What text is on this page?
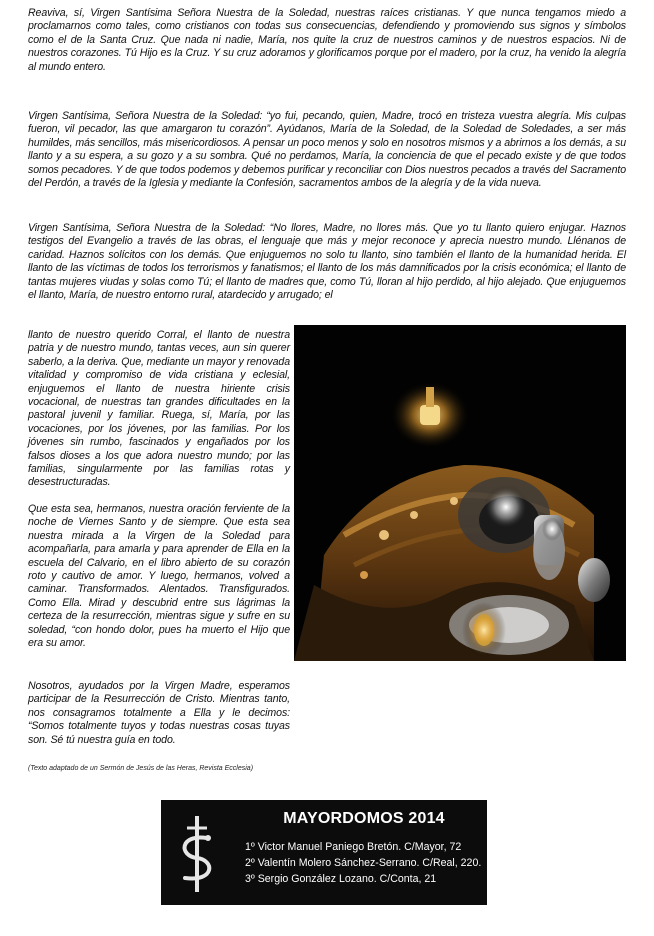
Reaviva, sí, Virgen Santísima Señora Nuestra de la Soledad, nuestras raíces cristianas. Y que nunca tengamos miedo a proclamarnos como tales, como cristianos con todas sus consecuencias, defendiendo y promoviendo sus signos y símbolos como el de la Santa Cruz. Que nada ni nadie, María, nos quite la cruz de nuestros caminos y de nuestros espacios. Ni de nuestros corazones. Tú Hijo es la Cruz. Y su cruz adoramos y glorificamos porque por el madero, por la cruz, ha venido la alegría al mundo entero.

Virgen Santísima, Señora Nuestra de la Soledad: “yo fui, pecando, quien, Madre, trocó en tristeza vuestra alegría. Mis culpas fueron, vil pecador, las que amargaron tu corazón”. Ayúdanos, María de la Soledad, de la Soledad de Soledades, a ser más humildes, más sencillos, más misericordiosos. A pensar un poco menos y solo en nosotros mismos y a abrirnos a los demás, a su llanto y a su espera, a su gozo y a su sombra. Qué no perdamos, María, la conciencia de que el pecado existe y de que todos somos pecadores. Y de que todos podemos y debemos purificar y reconciliar con Dios nuestros pecados a través del Sacramento del Perdón, a través de la Iglesia y mediante la Confesión, sacramentos ambos de la alegría y de la vida nueva.

Virgen Santísima, Señora Nuestra de la Soledad: “No llores, Madre, no llores más. Que yo tu llanto quiero enjugar. Haznos testigos del Evangelio a través de las obras, el lenguaje que más y mejor reconoce y aprecia nuestro mundo. Llénanos de caridad. Haznos solícitos con los demás. Que enjuguemos no solo tu llanto, sino también el llanto de la humanidad herida. El llanto de las víctimas de todos los terrorismos y fanatismos; el llanto de los más damnificados por la crisis económica; el llanto de tantas mujeres viudas y solas como Tú; el llanto de madres que, como Tú, lloran al hijo perdido, al hijo alejado. Que enjuguemos el llanto, María, de nuestro entorno rural, atardecido y arrugado; el

llanto de nuestro querido Corral, el llanto de nuestra patria y de nuestro mundo, tantas veces, aun sin querer saberlo, a la deriva. Que, mediante un mayor y renovada vitalidad y compromiso de vida cristiana y eclesial, enjuguemos el llanto de nuestra hiriente crisis vocacional, de nuestras tan grandes dificultades en la pastoral juvenil y familiar. Ruega, sí, María, por las vocaciones, por los jóvenes, por las familias. Por los jóvenes sin rumbo, fascinados y engañados por los falsos dioses a los que adora nuestro mundo; por las familias, singularmente por las familias rotas y desestructuradas.

Que esta sea, hermanos, nuestra oración ferviente de la noche de Viernes Santo y de siempre. Que esta sea nuestra mirada a la Virgen de la Soledad para acompañarla, para amarla y para aprender de Ella en la escuela del Calvario, en el libro abierto de su corazón roto y cautivo de amor. Y luego, hermanos, volved a caminar. Transformados. Alentados. Transfigurados. Como Ella. Mirad y descubrid entre sus lágrimas la certeza de la resurrección, mientras sigue y sufre en su soledad, “con hondo dolor, pues ha muerto el Hijo que era su amor.

Nosotros, ayudados por la Virgen Madre, esperamos participar de la Resurrección de Cristo. Mientras tanto, nos consagramos totalmente a Ella y le decimos: “Somos totalmente tuyos y todas nuestras cosas tuyas son. Sé tú nuestra guía en todo.

(Texto adaptado de un Sermón de Jesús de las Heras, Revista Ecclesia)

MAYORDOMOS 2014
1º Victor Manuel Paniego Bretón. C/Mayor, 72
2º Valentín Molero Sánchez-Serrano. C/Real, 220.
3º Sergio González Lozano. C/Conta, 21
